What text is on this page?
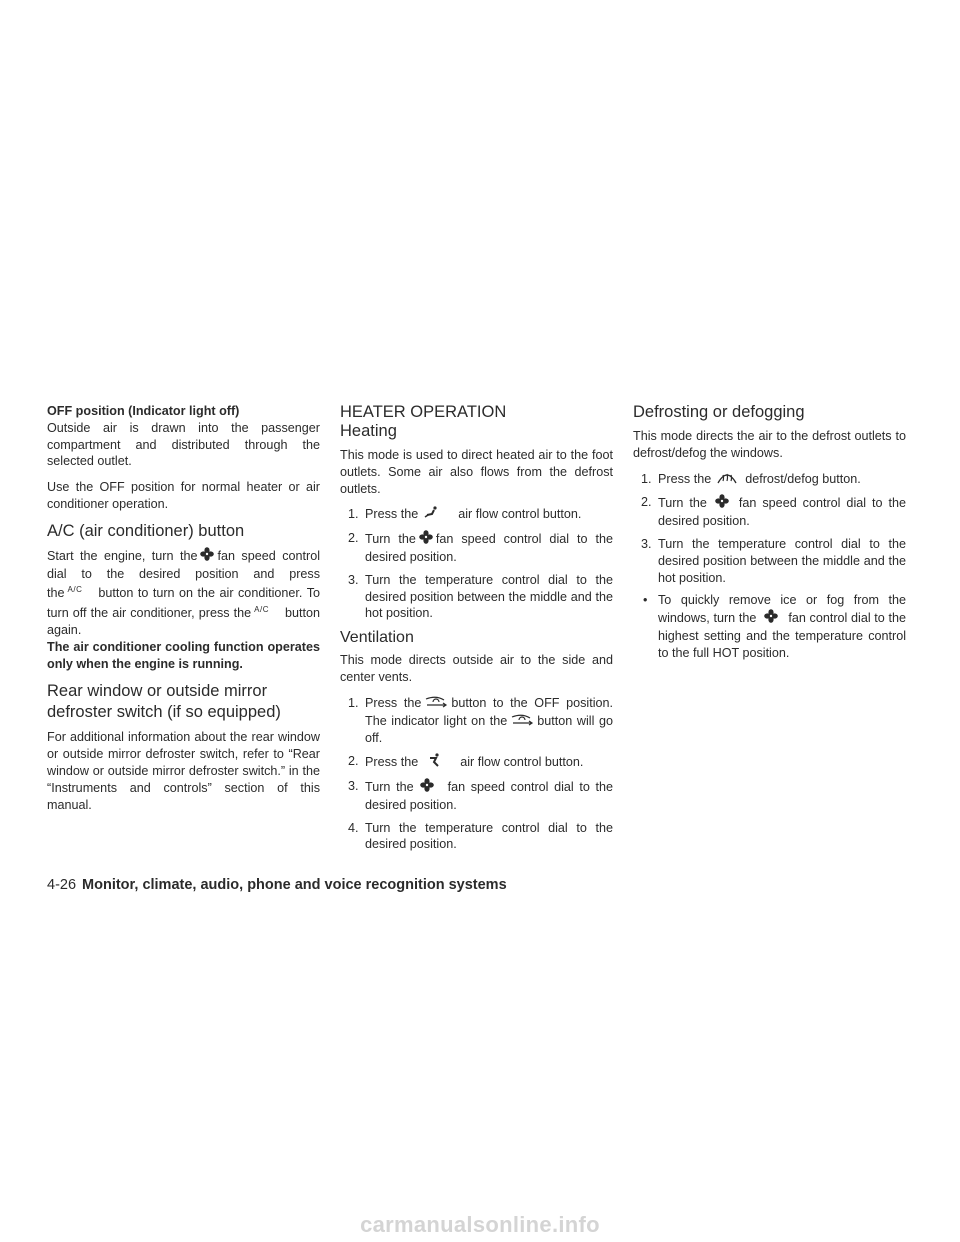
OFF position (Indicator light off)

Outside air is drawn into the passenger compartment and distributed through the selected outlet.

Use the OFF position for normal heater or air conditioner operation.

A/C (air conditioner) button

Start the engine, turn the fan speed control dial to the desired position and press the $^{A/C}$ button to turn on the air conditioner. To turn off the air conditioner, press the $^{A/C}$ button again.

The air conditioner cooling function operates only when the engine is running.

Rear window or outside mirror defroster switch (if so equipped)

For additional information about the rear window or outside mirror defroster switch, refer to “Rear window or outside mirror defroster switch.” in the “Instruments and controls” section of this manual.

HEATER OPERATION
Heating

This mode is used to direct heated air to the foot outlets. Some air also flows from the defrost outlets.

1. Press the	air flow control button.
2. Turn the fan speed control dial to the desired position.
3. Turn the temperature control dial to the desired position between the middle and the hot position.
Ventilation

This mode directs outside air to the side and center vents.

1. Press the button to the OFF position. The indicator light on the button will go off.
2. Press the	air flow control button.
3. Turn the	fan speed control dial to the desired position.
4. Turn the temperature control dial to the desired position.
Defrosting or defogging

This mode directs the air to the defrost outlets to defrost/defog the windows.

1. Press the	defrost/defog button.
2. Turn the	fan speed control dial to the desired position.
3. Turn the temperature control dial to the desired position between the middle and the hot position.
• To quickly remove ice or fog from the windows, turn the	fan control dial to the highest setting and the temperature control to the full HOT position.
4-26 Monitor, climate, audio, phone and voice recognition systems
carmanualsonline.info
